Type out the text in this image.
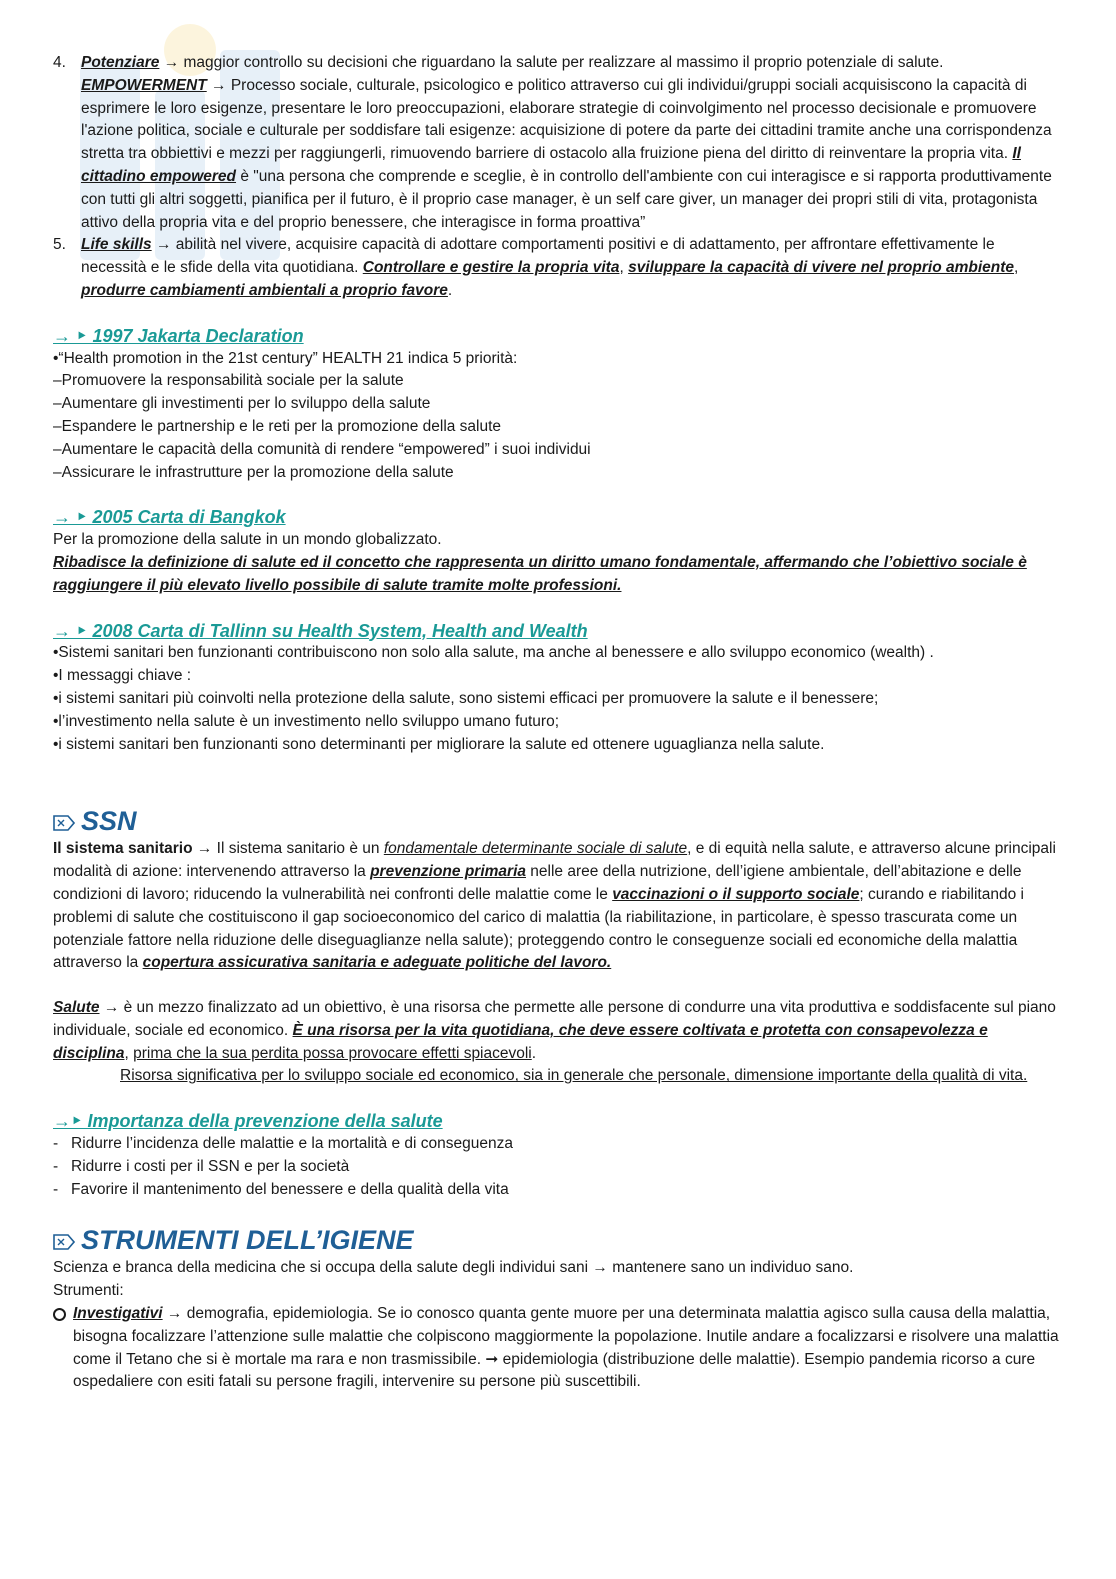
4. Potenziare → maggior controllo su decisioni che riguardano la salute per realizzare al massimo il proprio potenziale di salute.
EMPOWERMENT → Processo sociale, culturale, psicologico e politico attraverso cui gli individui/gruppi sociali acquisiscono la capacità di esprimere le loro esigenze, presentare le loro preoccupazioni, elaborare strategie di coinvolgimento nel processo decisionale e promuovere l'azione politica, sociale e culturale per soddisfare tali esigenze: acquisizione di potere da parte dei cittadini tramite anche una corrispondenza stretta tra obbiettivi e mezzi per raggiungerli, rimuovendo barriere di ostacolo alla fruizione piena del diritto di reinventare la propria vita. Il cittadino empowered è "una persona che comprende e sceglie, è in controllo dell'ambiente con cui interagisce e si rapporta produttivamente con tutti gli altri soggetti, pianifica per il futuro, è il proprio case manager, è un self care giver, un manager dei propri stili di vita, protagonista attivo della propria vita e del proprio benessere, che interagisce in forma proattiva”
5. Life skills → abilità nel vivere, acquisire capacità di adottare comportamenti positivi e di adattamento, per affrontare effettivamente le necessità e le sfide della vita quotidiana. Controllare e gestire la propria vita, sviluppare la capacità di vivere nel proprio ambiente, produrre cambiamenti ambientali a proprio favore.
→ ‣ 1997 Jakarta Declaration

•“Health promotion in the 21st century” HEALTH 21 indica 5 priorità:

–Promuovere la responsabilità sociale per la salute

–Aumentare gli investimenti per lo sviluppo della salute

–Espandere le partnership e le reti per la promozione della salute

–Aumentare le capacità della comunità di rendere “empowered” i suoi individui

–Assicurare le infrastrutture per la promozione della salute

→ ‣ 2005 Carta di Bangkok

Per la promozione della salute in un mondo globalizzato.

Ribadisce la definizione di salute ed il concetto che rappresenta un diritto umano fondamentale, affermando che l’obiettivo sociale è raggiungere il più elevato livello possibile di salute tramite molte professioni.

→ ‣ 2008 Carta di Tallinn su Health System, Health and Wealth

•Sistemi sanitari ben funzionanti contribuiscono non solo alla salute, ma anche al benessere e allo sviluppo economico (wealth) .

•I messaggi chiave :

•i sistemi sanitari più coinvolti nella protezione della salute, sono sistemi efficaci per promuovere la salute e il benessere;

•l’investimento nella salute è un investimento nello sviluppo umano futuro;

•i sistemi sanitari ben funzionanti sono determinanti per migliorare la salute ed ottenere uguaglianza nella salute.

SSN

Il sistema sanitario → Il sistema sanitario è un fondamentale determinante sociale di salute, e di equità nella salute, e attraverso alcune principali modalità di azione: intervenendo attraverso la prevenzione primaria nelle aree della nutrizione, dell’igiene ambientale, dell’abitazione e delle condizioni di lavoro; riducendo la vulnerabilità nei confronti delle malattie come le vaccinazioni o il supporto sociale; curando e riabilitando i problemi di salute che costituiscono il gap socioeconomico del carico di malattia (la riabilitazione, in particolare, è spesso trascurata come un potenziale fattore nella riduzione delle diseguaglianze nella salute); proteggendo contro le conseguenze sociali ed economiche della malattia attraverso la copertura assicurativa sanitaria e adeguate politiche del lavoro.

Salute → è un mezzo finalizzato ad un obiettivo, è una risorsa che permette alle persone di condurre una vita produttiva e soddisfacente sul piano individuale, sociale ed economico. È una risorsa per la vita quotidiana, che deve essere coltivata e protetta con consapevolezza e disciplina, prima che la sua perdita possa provocare effetti spiacevoli.

Risorsa significativa per lo sviluppo sociale ed economico, sia in generale che personale, dimensione importante della qualità di vita.

→‣ Importanza della prevenzione della salute
- Ridurre l’incidenza delle malattie e la mortalità e di conseguenza
- Ridurre i costi per il SSN e per la società
- Favorire il mantenimento del benessere e della qualità della vita
STRUMENTI DELL’IGIENE

Scienza e branca della medicina che si occupa della salute degli individui sani → mantenere sano un individuo sano.

Strumenti:

Investigativi → demografia, epidemiologia. Se io conosco quanta gente muore per una determinata malattia agisco sulla causa della malattia, bisogna focalizzare l’attenzione sulle malattie che colpiscono maggiormente la popolazione. Inutile andare a focalizzarsi e risolvere una malattia come il Tetano che si è mortale ma rara e non trasmissibile. ➞ epidemiologia (distribuzione delle malattie). Esempio pandemia ricorso a cure ospedaliere con esiti fatali su persone fragili, intervenire su persone più suscettibili.
